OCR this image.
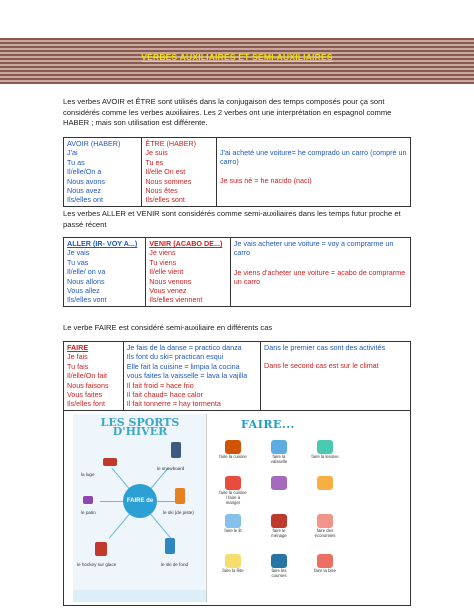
VERBES AUXILIAIRES ET SEMI-AUXILIAIRES
Les verbes AVOIR et ÊTRE sont utilisés dans la conjugaison des temps composés pour ça sont considérés comme les verbes auxiliaires. Les 2 verbes ont une interprétation en espagnol comme HABER ; mais son utilisation est différente.
AVOIR (HABER)
J'ai
Tu as
Il/elle/On a
Nous avons
Nous avez
Ils/elles ont

ÊTRE (HABER)
Je suis
Tu es
Il/elle On est
Nous sommes
Nous êtes
Ils/elles sont

J'ai acheté une voiture= he comprado un carro (compré un carro)
Je suis né = he nacido (naci)
Les verbes ALLER et VENIR sont considérés comme semi-auxiliaires dans les temps futur proche et passé récent
ALLER (IR- VOY A...)
Je vais
Tu vas
Il/elle/ on va
Nous allons
Vous allez
Ils/elles vont

VENIR (ACABO DE...)
Je viens
Tu viens
Il/elle vient
Nous venons
Vous venez
Ils/elles viennent

Je vais acheter une voiture = voy a comprarme un carro
Je viens d'acheter une voiture = acabo de comprarme un carro
Le verbe FAIRE est considéré semi-auxiliaire en différents cas
FAIRE
Je fais
Tu fais
Il/elle/On fait
Nous faisons
Vous faites
Ils/elles font

Je fais de la danse = practico danza
Ils font du ski= practican esqui
Elle fait la cuisine = limpia la cocina
vous faites la vaisselle = lava la vajilla
Il fait froid = hace frio
Il fait chaud= hace calor
Il fait tonnerre = hay tormenta

Dans le premier cas sont des activités
Dans le second cas est sur le climat

LES SPORTS D'HIVER
FAIRE de
la luge
le snowboard
le patin	le ski (de piste)
le hockey sur glace	le ski de fond
FAIRE...
faire la cuisine	faire la vaisselle
faire la lessive
faire la cuisine / faire à manger
faire le lit	faire le ménage
faire des économies
faire la fête	faire les courses
faire la bise
